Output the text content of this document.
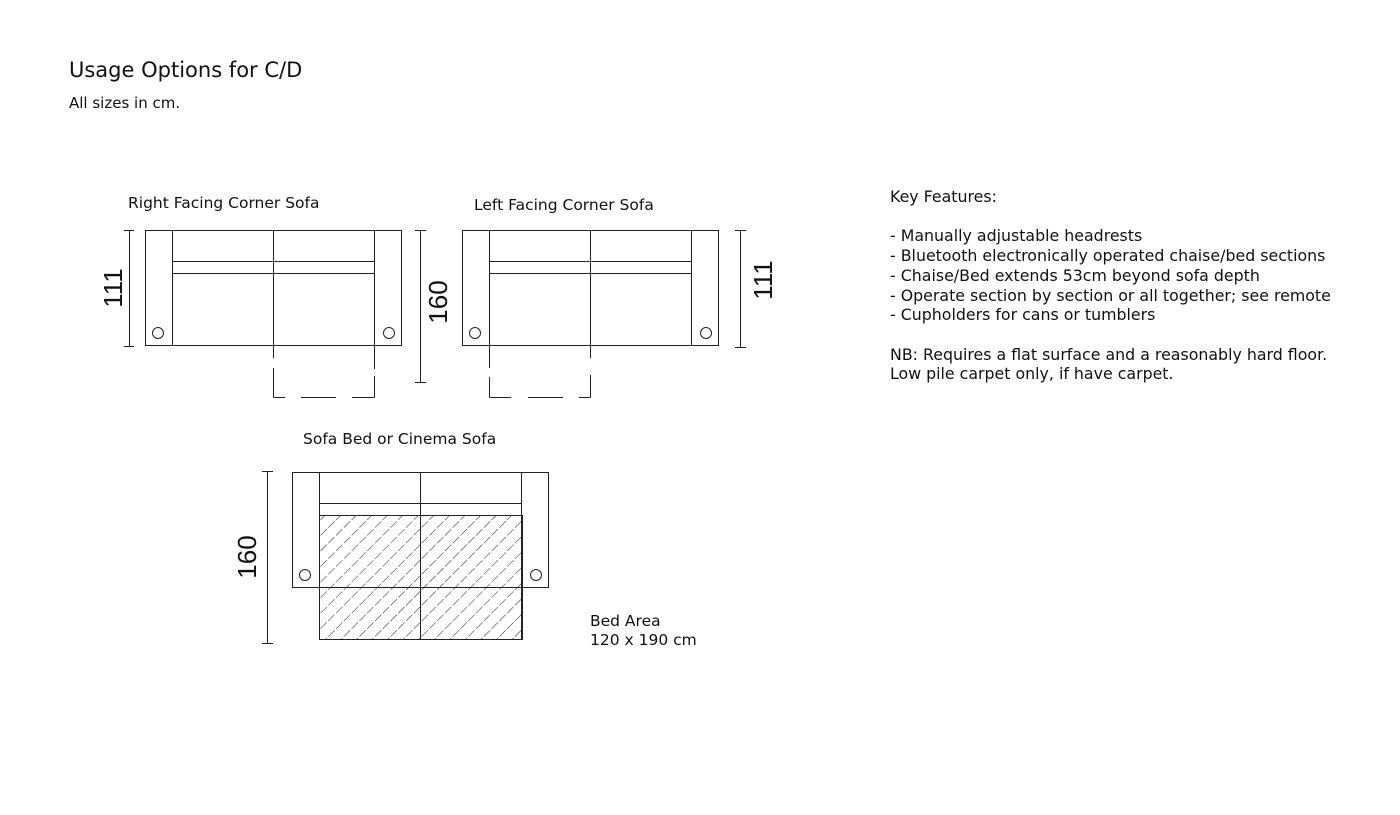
Usage Options for C/D
All sizes in cm.
Right Facing Corner Sofa	Left Facing Corner Sofa
Sofa Bed or Cinema Sofa
111	160
111
160
Bed Area
120 x 190 cm
Key Features:
- Manually adjustable headrests
- Bluetooth electronically operated chaise/bed sections
- Chaise/Bed extends 53cm beyond sofa depth
- Operate section by section or all together; see remote
- Cupholders for cans or tumblers
NB: Requires a flat surface and a reasonably hard floor.
Low pile carpet only, if have carpet.
